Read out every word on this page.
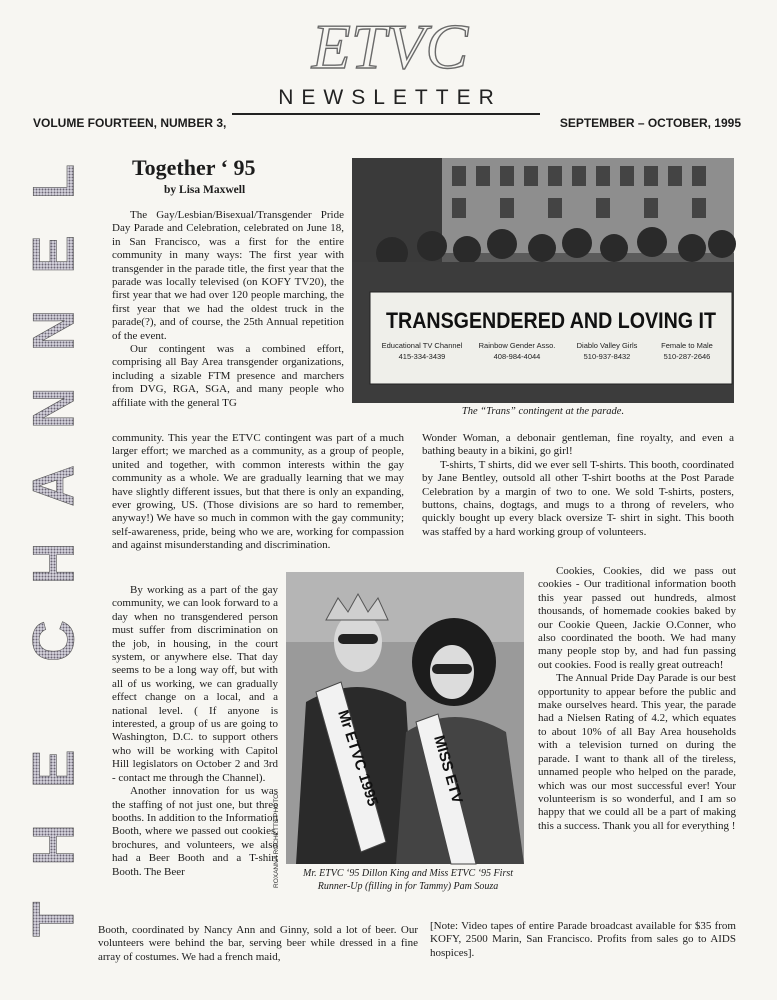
ETVC
NEWSLETTER
VOLUME FOURTEEN, NUMBER 3,	SEPTEMBER – OCTOBER, 1995
THE CHANNEL Together ‘ 95
by Lisa Maxwell

The Gay/Lesbian/Bisexual/Transgender Pride Day Parade and Celebration, celebrated on June 18, in San Francisco, was a first for the entire community in many ways: The first year with transgender in the parade title, the first year that the parade was locally televised (on KOFY TV20), the first year that we had over 120 people marching, the first year that we had the oldest truck in the parade(?), and of course, the 25th Annual repetition of the event.

Our contingent was a combined effort, comprising all Bay Area transgender organizations, including a sizable FTM presence and marchers from DVG, RGA, SGA, and many people who affiliate with the general TG

community. This year the ETVC contingent was part of a much larger effort; we marched as a community, as a group of people, united and together, with common interests within the gay community as a whole. We are gradually learning that we may have slightly different issues, but that there is only an expanding, ever growing, US. (Those divisions are so hard to remember, anyway!) We have so much in common with the gay community; self-awareness, pride, being who we are, working for compassion and against misunderstanding and discrimination.

By working as a part of the gay community, we can look forward to a day when no transgendered person must suffer from discrimination on the job, in housing, in the court system, or anywhere else. That day seems to be a long way off, but with all of us working, we can gradually effect change on a local, and a national level. ( If anyone is interested, a group of us are going to Washington, D.C. to support others who will be working with Capitol Hill legislators on October 2 and 3rd - contact me through the Channel).

Another innovation for us was the staffing of not just one, but three booths. In addition to the Information Booth, where we passed out cookies, brochures, and volunteers, we also had a Beer Booth and a T-shirt Booth. The Beer

Booth, coordinated by Nancy Ann and Ginny, sold a lot of beer. Our volunteers were behind the bar, serving beer while dressed in a fine array of costumes. We had a french maid,

Wonder Woman, a debonair gentleman, fine royalty, and even a bathing beauty in a bikini, go girl!

T-shirts, T shirts, did we ever sell T-shirts. This booth, coordinated by Jane Bentley, outsold all other T-shirt booths at the Post Parade Celebration by a margin of two to one. We sold T-shirts, posters, buttons, chains, dogtags, and mugs to a throng of revelers, who quickly bought up every black oversize T- shirt in sight. This booth was staffed by a hard working group of volunteers.

Cookies, Cookies, did we pass out cookies - Our traditional information booth this year passed out hundreds, almost thousands, of homemade cookies baked by our Cookie Queen, Jackie O.Conner, who also coordinated the booth. We had many many people stop by, and had fun passing out cookies. Food is really great outreach!

The Annual Pride Day Parade is our best opportunity to appear before the public and make ourselves heard. This year, the parade had a Nielsen Rating of 4.2, which equates to about 10% of all Bay Area households with a television turned on during the parade. I want to thank all of the tireless, unnamed people who helped on the parade, which was our most successful ever! Your volunteerism is so wonderful, and I am so happy that we could all be a part of making this a success. Thank you all for everything !

[Note: Video tapes of entire Parade broadcast available for $35 from KOFY, 2500 Marin, San Francisco. Profits from sales go to AIDS hospices].

TRANSGENDERED AND LOVING IT
Educational TV Channel
415-334-3439
Rainbow Gender Asso.
408-984-4044
Diablo Valley Girls
510-937-8432
Female to Male
510-287-2646
The “Trans” contingent at the parade.
Mr ETVC 1995	MISS ETV
ROXANNA ROCHETTE PHOTO	Mr. ETVC ‘95 Dillon King and Miss ETVC ‘95 First Runner-Up (filling in for Tammy) Pam Souza
